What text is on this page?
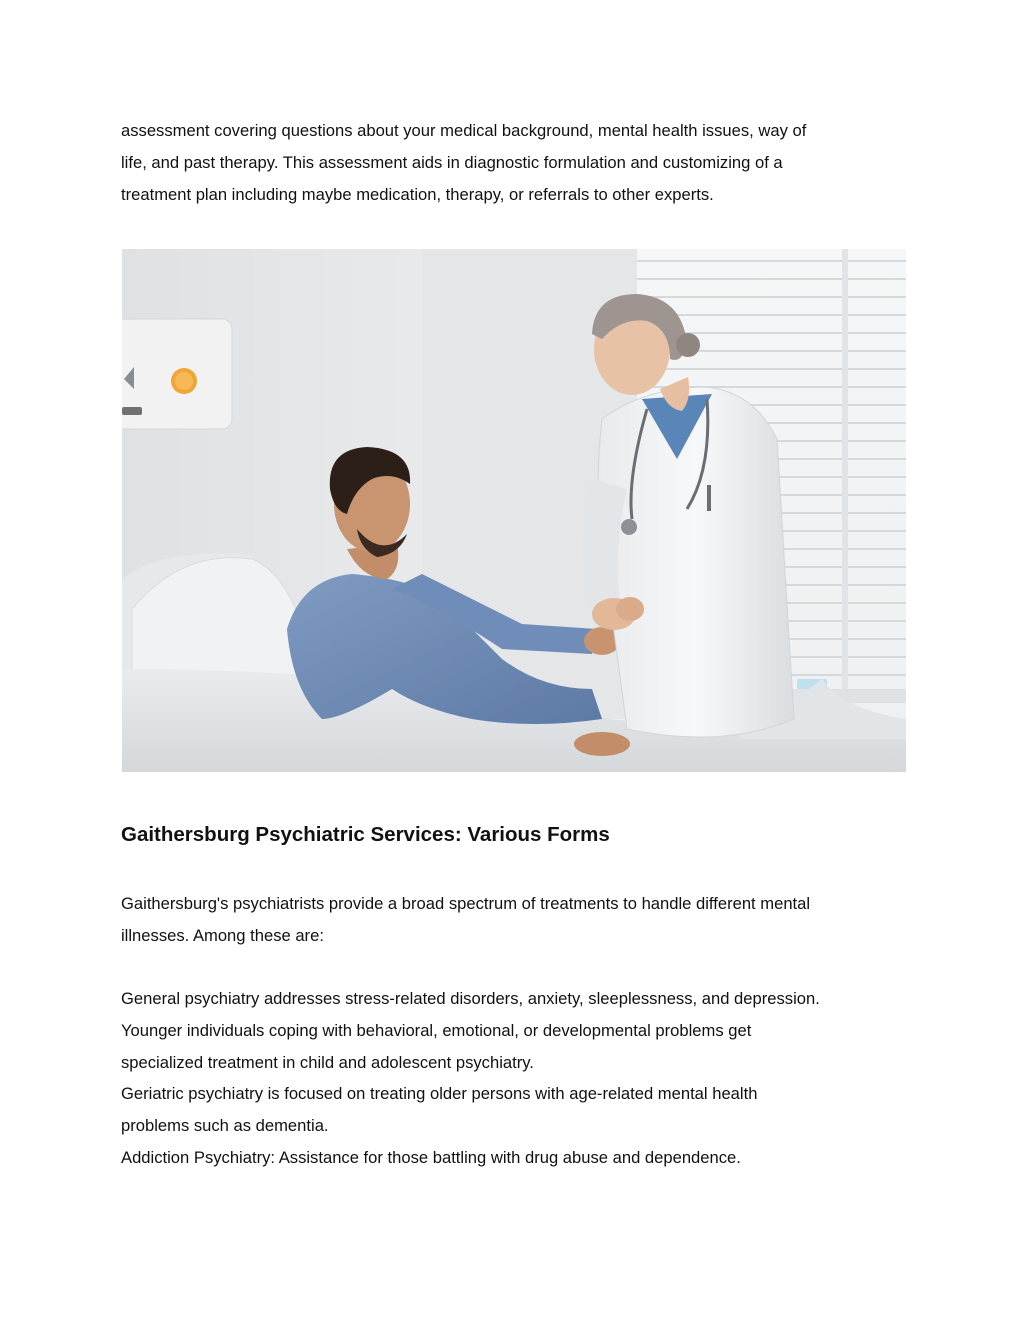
assessment covering questions about your medical background, mental health issues, way of
life, and past therapy. This assessment aids in diagnostic formulation and customizing of a
treatment plan including maybe medication, therapy, or referrals to other experts.

Gaithersburg Psychiatric Services: Various Forms

Gaithersburg's psychiatrists provide a broad spectrum of treatments to handle different mental
illnesses. Among these are:

General psychiatry addresses stress-related disorders, anxiety, sleeplessness, and depression.
Younger individuals coping with behavioral, emotional, or developmental problems get
specialized treatment in child and adolescent psychiatry.
Geriatric psychiatry is focused on treating older persons with age-related mental health
problems such as dementia.
Addiction Psychiatry: Assistance for those battling with drug abuse and dependence.
